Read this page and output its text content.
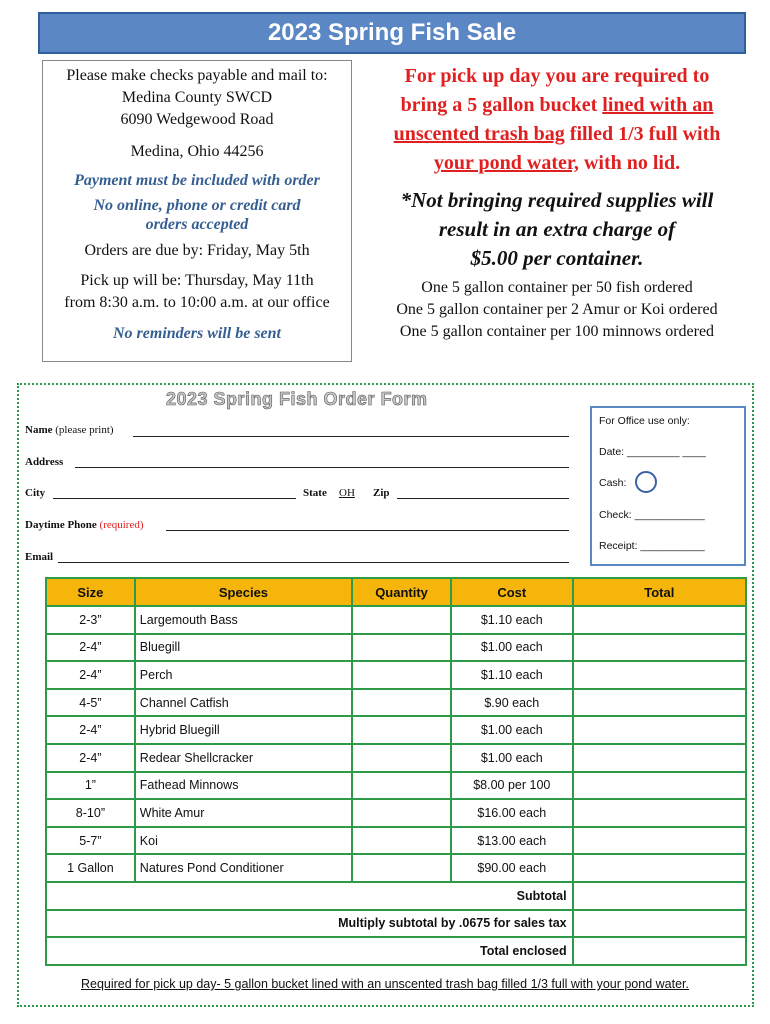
2023 Spring Fish Sale
Please make checks payable and mail to:
Medina County SWCD
6090 Wedgewood Road
Medina, Ohio 44256
Payment must be included with order
No online, phone or credit card
orders accepted
Orders are due by: Friday, May 5th
Pick up will be: Thursday, May 11th
from 8:30 a.m. to 10:00 a.m. at our office
No reminders will be sent
For pick up day you are required to
bring a 5 gallon bucket lined with an
unscented trash bag filled 1/3 full with
your pond water, with no lid.
*Not bringing required supplies will
result in an extra charge of
$5.00 per container.
One 5 gallon container per 50 fish ordered
One 5 gallon container per 2 Amur or Koi ordered
One 5 gallon container per 100 minnows ordered
2023 Spring Fish Order Form
Name (please print)
Address
City	State OH Zip
Daytime Phone (required)
Email
For Office use only:
Date: _________ ____
Cash:
Check: ____________
Receipt: ___________
Size	Species	Quantity	Cost	Total
2-3”	Largemouth Bass		$1.10 each	
2-4”	Bluegill		$1.00 each	
2-4”	Perch		$1.10 each	
4-5”	Channel Catfish		$.90 each	
2-4”	Hybrid Bluegill		$1.00 each	
2-4”	Redear Shellcracker		$1.00 each	
1”	Fathead Minnows		$8.00 per 100	
8-10”	White Amur		$16.00 each	
5-7”	Koi		$13.00 each	
1 Gallon	Natures Pond Conditioner		$90.00 each	
Subtotal				
Multiply subtotal by .0675 for sales tax				
Total enclosed				
Required for pick up day- 5 gallon bucket lined with an unscented trash bag filled 1/3 full with your pond water.
